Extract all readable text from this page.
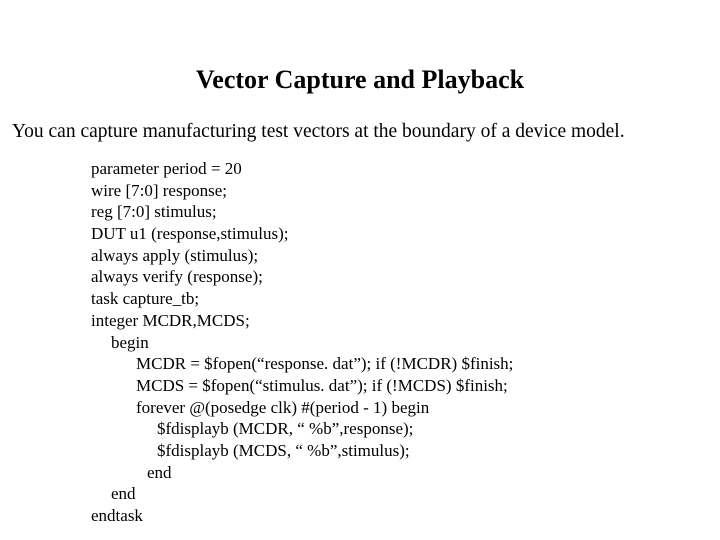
Vector Capture and Playback
You can capture manufacturing test vectors at the boundary of a device model.
parameter period = 20
wire [7:0] response;
reg [7:0] stimulus;
DUT u1 (response,stimulus);
always apply (stimulus);
always verify (response);
task capture_tb;
integer MCDR,MCDS;
begin
MCDR = $fopen(“response. dat”); if (!MCDR) $finish;
MCDS = $fopen(“stimulus. dat”); if (!MCDS) $finish;
forever @(posedge clk) #(period - 1) begin
$fdisplayb (MCDR, “ %b”,response);
$fdisplayb (MCDS, “ %b”,stimulus);
end
end
endtask
